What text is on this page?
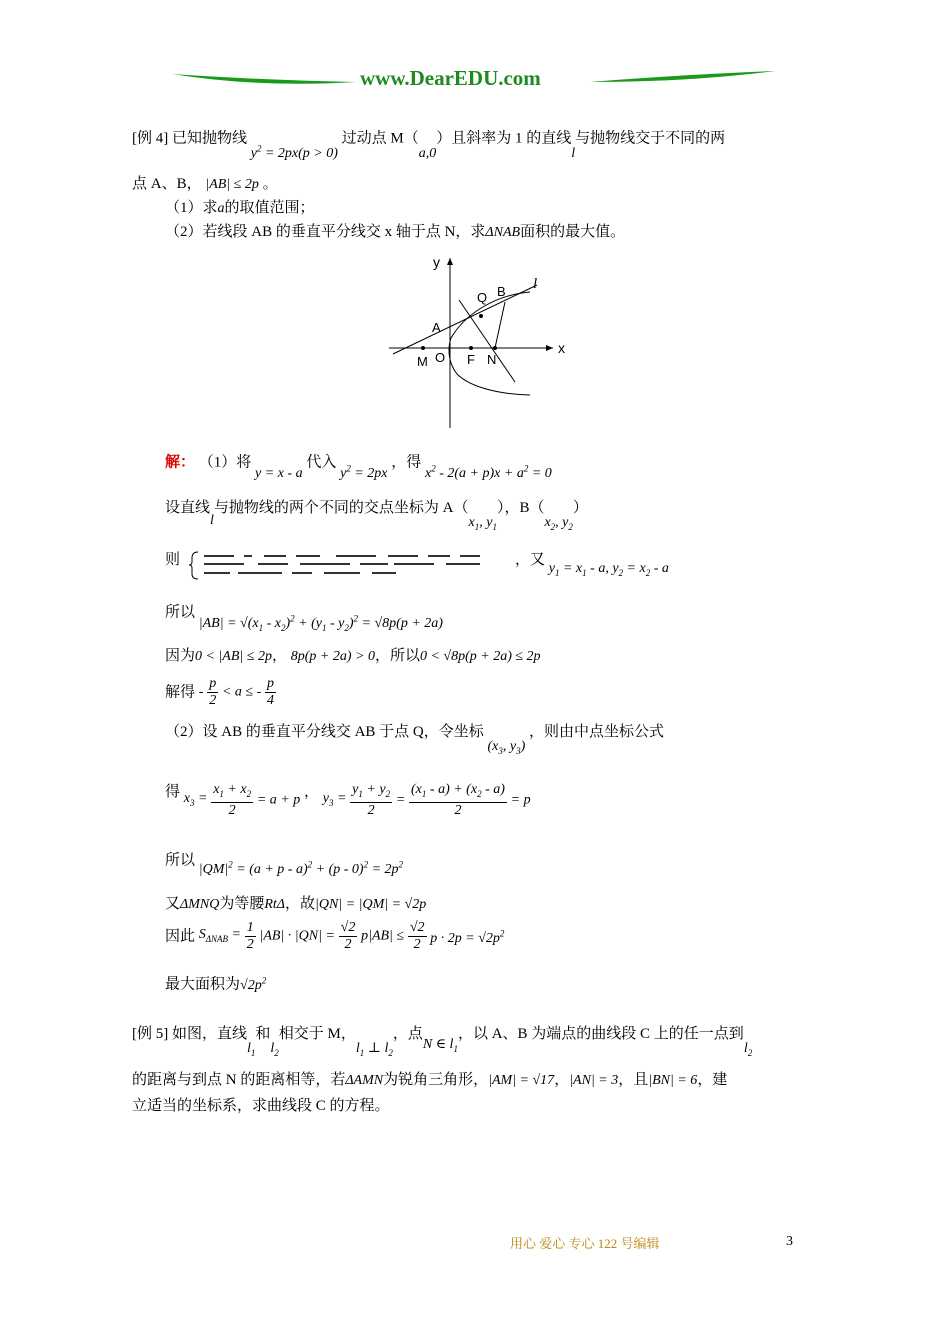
www.DearEDU.com
[例 4] 已知抛物线 $y^2 = 2px(p > 0)$ 过动点 M（a,0）且斜率为 1 的直线l与抛物线交于不同的两
点 A、B， |AB| ≤ 2p 。
（1）求a的取值范围；
（2）若线段 AB 的垂直平分线交 x 轴于点 N，求ΔNAB面积的最大值。
y
x
Q B l
A
M O F N
解： （1）将 y = x - a 代入 $y^2 = 2px$ ，得 $x^2 - 2(a + p)x + a^2 = 0$
设直线l与抛物线的两个不同的交点坐标为 $A(x_1$, $y_1$），$B(x_2$, $y_2$）
则	，又 $y_1 = x_1 - a$, $y_2 = x_2 - a$
所以 $|AB| = √(x_1 - x_2)^2 + (y_1 - y_2)^2 = √8p(p + 2a)$
因为0 < |AB| ≤ 2p， 8p(p + 2a) > 0，所以0 < √8p(p + 2a) ≤ 2p
解得 - $\frac{p}{2} < a$ ≤ - $\frac{p}{4}$
（2）设 AB 的垂直平分线交 AB 于点 Q，令坐标 ($x_3$, $y_3$) ，则由中点坐标公式
得 $x_3 = \frac{x_1 + x_2}{2} = a + p$ ， $y_3 = \frac{y_1 + y_2}{2} = \frac{(x_1 - a) + (x_2 - a)}{2} = p$
所以 $|QM|^2 = (a + p - a)^2 + (p - 0)^2 = 2p^2$
又ΔMNQ为等腰RtΔ，故|QN| = |QM| = √2p
因此 $S_{\Delta NAB} = \frac{1}{2} |AB| \cdot |QN| = \frac{√2}{2} p|AB| \le \frac{√2}{2}$ $p \cdot 2p = √2p^2$
最大面积为$√2p^2$
[例 5] 如图，直线$l_1$和$l_2$相交于 M，$l_1$ ⊥ $l_2$，点N ∈ $l_1$，以 A、B 为端点的曲线段 C 上的任一点到$l_2$
的距离与到点 N 的距离相等，若ΔAMN为锐角三角形，|AM| = √17，|AN| = 3，且|BN| = 6，建
立适当的坐标系，求曲线段 C 的方程。
用心 爱心 专心 122 号编辑	3
